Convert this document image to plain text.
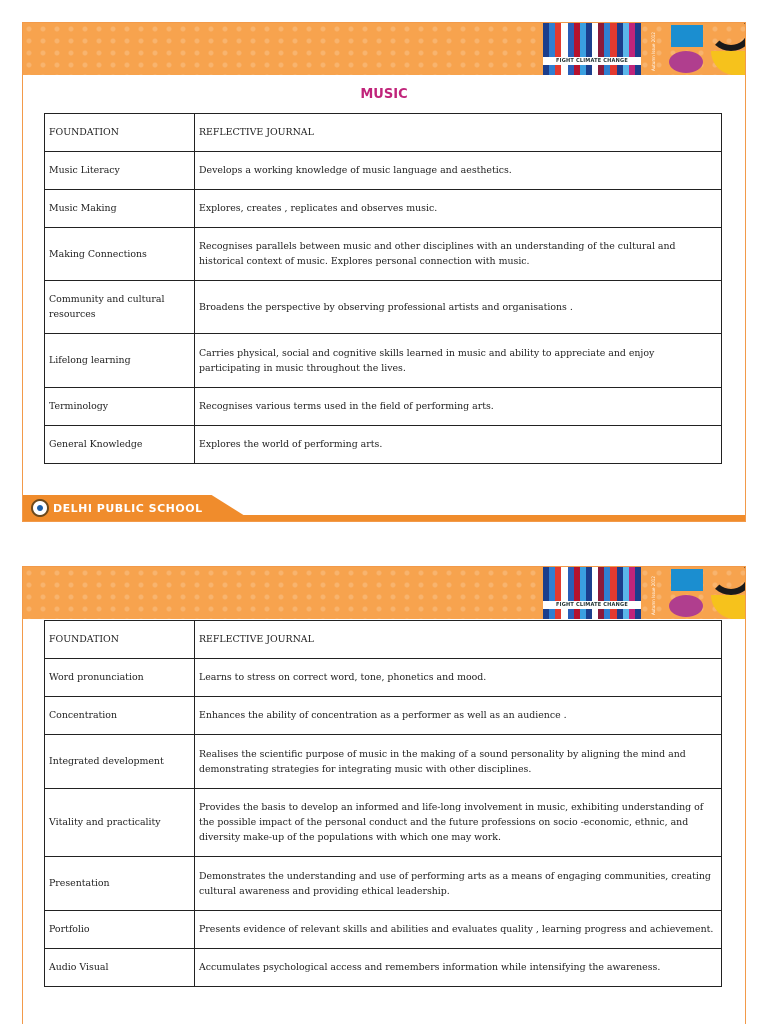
FIGHT CLIMATE CHANGE	Autumn Issue 2012
MUSIC
FOUNDATION	REFLECTIVE JOURNAL
Music Literacy	Develops a working knowledge of music language and aesthetics.
Music Making	Explores, creates , replicates and observes music.
Making Connections	Recognises parallels between music and other disciplines with an understanding of the cultural and historical context of music. Explores personal connection with music.
Community and cultural resources	Broadens the perspective by observing professional artists and organisations .
Lifelong learning	Carries physical, social and cognitive skills learned in music and ability to appreciate and enjoy participating in music throughout the lives.
Terminology	Recognises various terms used in the field of performing arts.
General Knowledge	Explores the world of performing arts.
DELHI PUBLIC SCHOOL
FIGHT CLIMATE CHANGE	Autumn Issue 2012
FOUNDATION	REFLECTIVE JOURNAL
Word pronunciation	Learns to stress on correct word, tone, phonetics and mood.
Concentration	Enhances the ability of concentration as a performer as well as an audience .
Integrated development	Realises the scientific purpose of music in the making of a sound personality by aligning the mind and demonstrating strategies for integrating music with other disciplines.
Vitality and practicality	Provides the basis to develop an informed and life-long involvement in music, exhibiting understanding of the possible impact of the personal conduct and the future professions on socio -economic, ethnic, and diversity make-up of the populations with which one may work.
Presentation	Demonstrates the understanding and use of performing arts as a means of engaging communities, creating cultural awareness and providing ethical leadership.
Portfolio	Presents evidence of relevant skills and abilities and evaluates quality , learning progress and achievement.
Audio Visual	Accumulates psychological access and remembers information while intensifying the awareness.
